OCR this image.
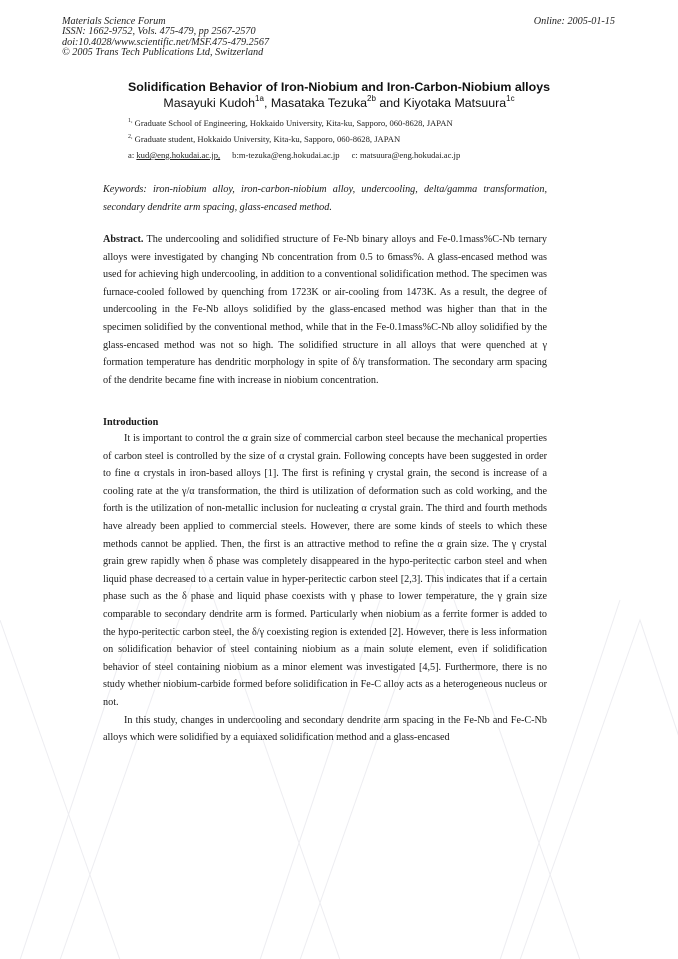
Materials Science Forum
ISSN: 1662-9752, Vols. 475-479, pp 2567-2570
doi:10.4028/www.scientific.net/MSF.475-479.2567
© 2005 Trans Tech Publications Ltd, Switzerland
Online: 2005-01-15
Solidification Behavior of Iron-Niobium and Iron-Carbon-Niobium alloys
Masayuki Kudoh$^{1a}$, Masataka Tezuka$^{2b}$ and Kiyotaka Matsuura$^{1c}$
$^{1,}$ Graduate School of Engineering, Hokkaido University, Kita-ku, Sapporo, 060-8628, JAPAN
$^{2,}$ Graduate student, Hokkaido University, Kita-ku, Sapporo, 060-8628, JAPAN
a: kud@eng.hokudai.ac.jp, b:m-tezuka@eng.hokudai.ac.jp c: matsuura@eng.hokudai.ac.jp
Keywords: iron-niobium alloy, iron-carbon-niobium alloy, undercooling, delta/gamma transformation, secondary dendrite arm spacing, glass-encased method.
Abstract. The undercooling and solidified structure of Fe-Nb binary alloys and Fe-0.1mass%C-Nb ternary alloys were investigated by changing Nb concentration from 0.5 to 6mass%. A glass-encased method was used for achieving high undercooling, in addition to a conventional solidification method. The specimen was furnace-cooled followed by quenching from 1723K or air-cooling from 1473K. As a result, the degree of undercooling in the Fe-Nb alloys solidified by the glass-encased method was higher than that in the specimen solidified by the conventional method, while that in the Fe-0.1mass%C-Nb alloy solidified by the glass-encased method was not so high. The solidified structure in all alloys that were quenched at γ formation temperature has dendritic morphology in spite of δ/γ transformation. The secondary arm spacing of the dendrite became fine with increase in niobium concentration.
Introduction

It is important to control the α grain size of commercial carbon steel because the mechanical properties of carbon steel is controlled by the size of α crystal grain. Following concepts have been suggested in order to fine α crystals in iron-based alloys [1]. The first is refining γ crystal grain, the second is increase of a cooling rate at the γ/α transformation, the third is utilization of deformation such as cold working, and the forth is the utilization of non-metallic inclusion for nucleating α crystal grain. The third and fourth methods have already been applied to commercial steels. However, there are some kinds of steels to which these methods cannot be applied. Then, the first is an attractive method to refine the α grain size. The γ crystal grain grew rapidly when δ phase was completely disappeared in the hypo-peritectic carbon steel and when liquid phase decreased to a certain value in hyper-peritectic carbon steel [2,3]. This indicates that if a certain phase such as the δ phase and liquid phase coexists with γ phase to lower temperature, the γ grain size comparable to secondary dendrite arm is formed. Particularly when niobium as a ferrite former is added to the hypo-peritectic carbon steel, the δ/γ coexisting region is extended [2]. However, there is less information on solidification behavior of steel containing niobium as a main solute element, even if solidification behavior of steel containing niobium as a minor element was investigated [4,5]. Furthermore, there is no study whether niobium-carbide formed before solidification in Fe-C alloy acts as a heterogeneous nucleus or not.

In this study, changes in undercooling and secondary dendrite arm spacing in the Fe-Nb and Fe-C-Nb alloys which were solidified by a equiaxed solidification method and a glass-encased
